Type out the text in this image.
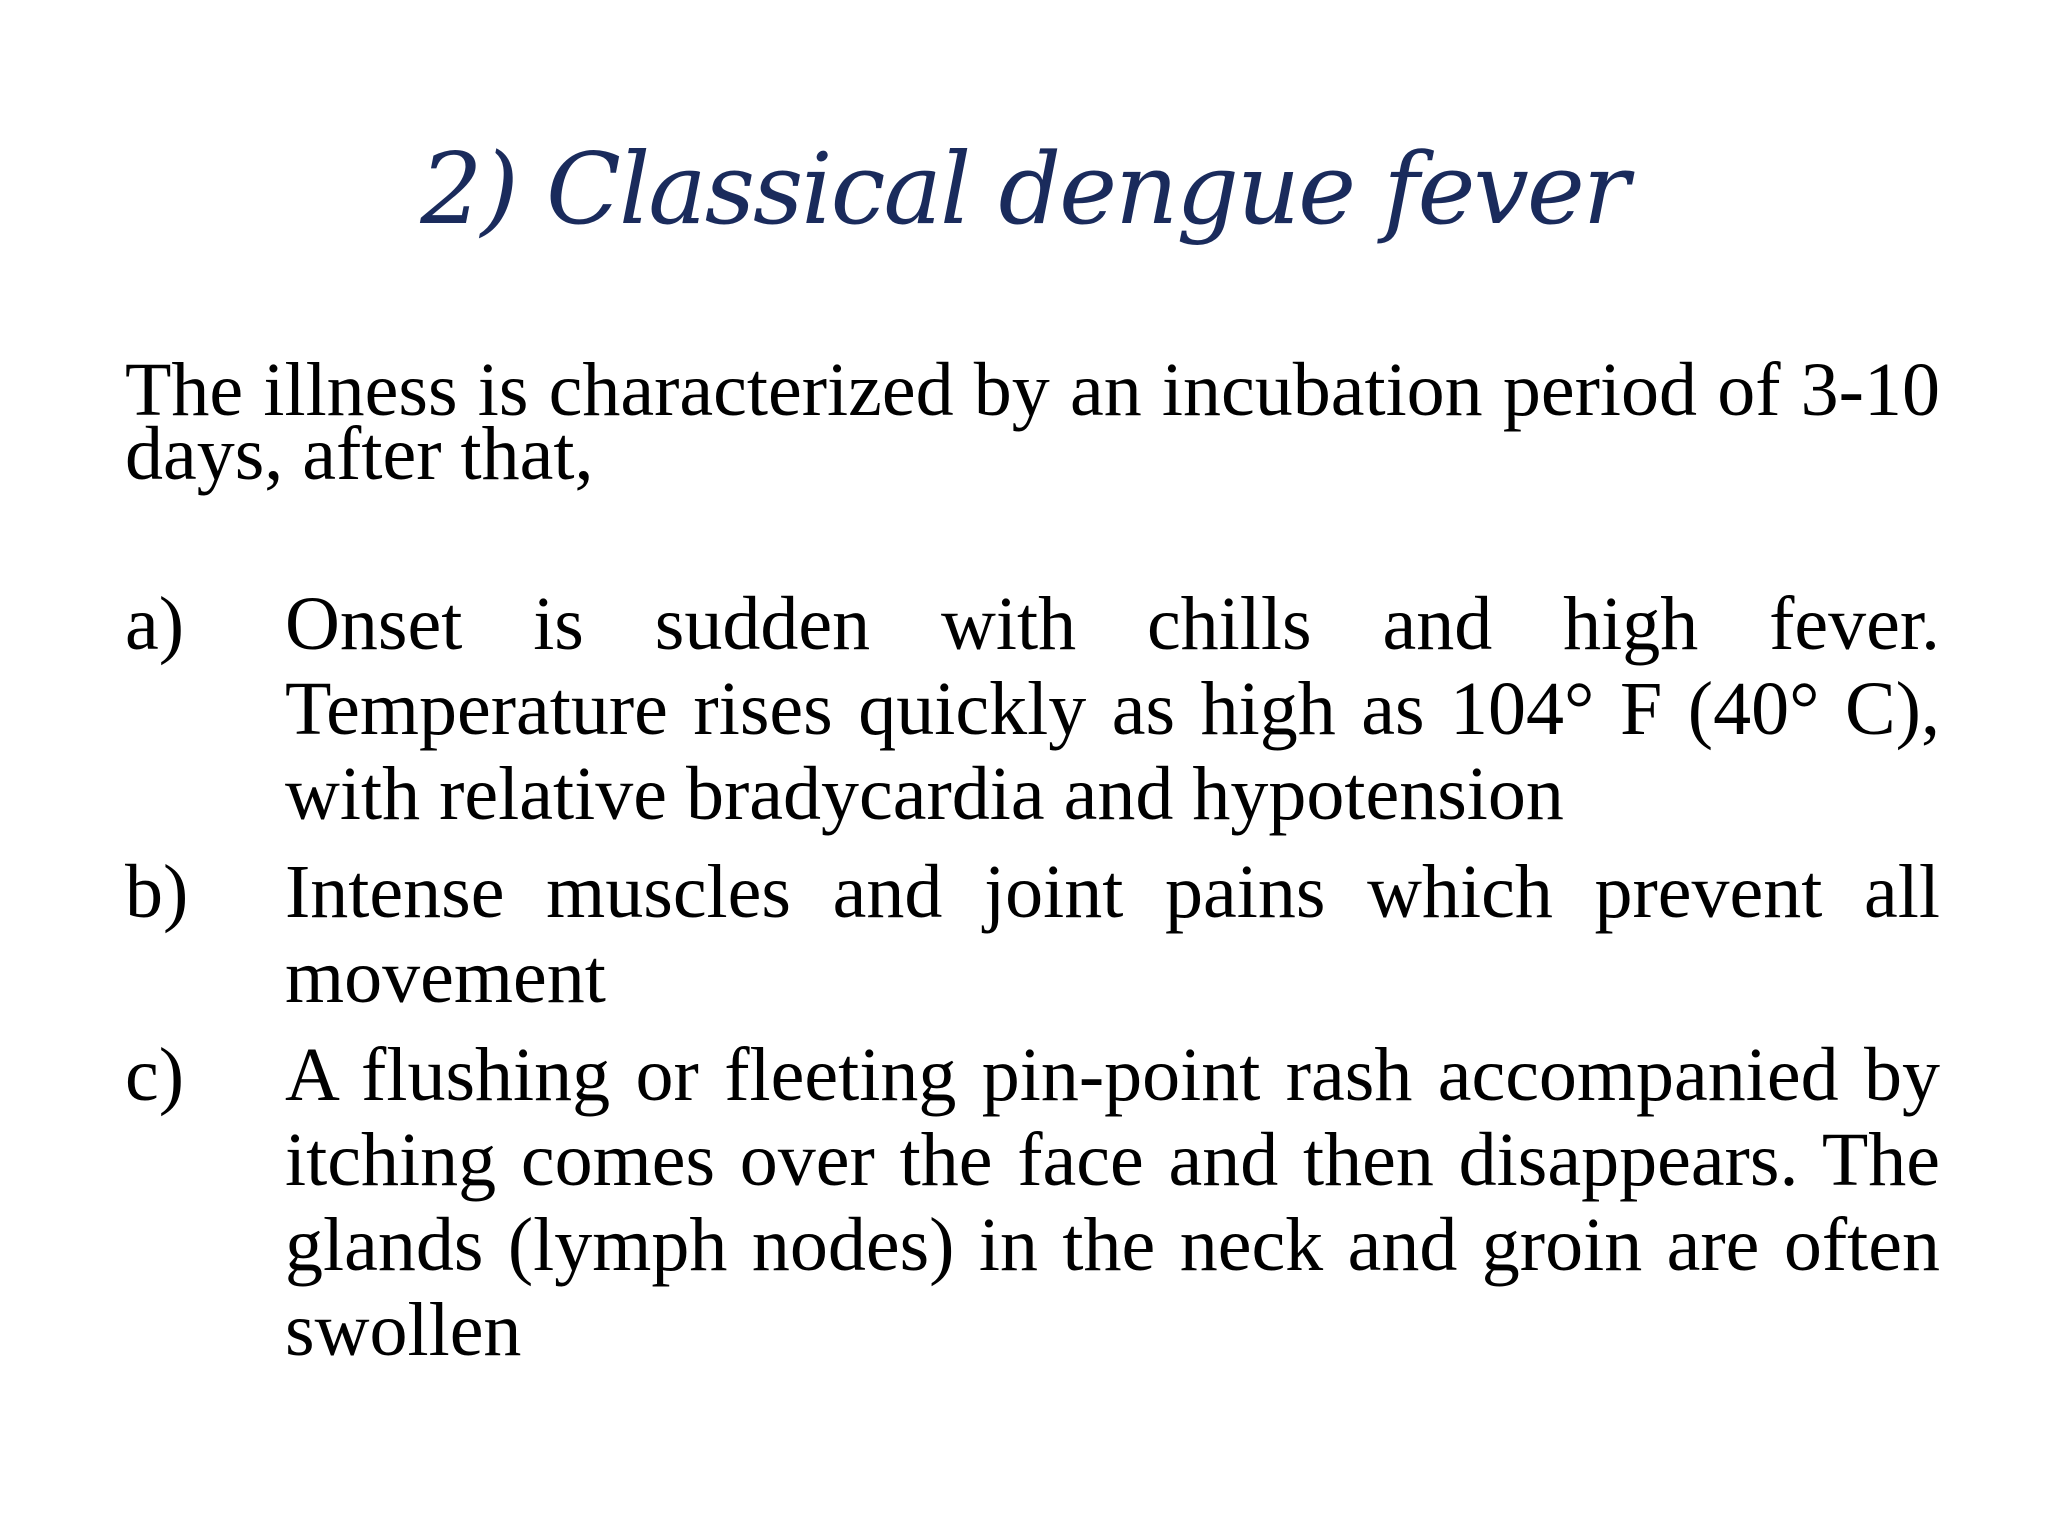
2) Classical dengue fever

The illness is characterized by an incubation period of 3-10 days, after that,

a)	Onset is sudden with chills and high fever. Temperature rises quickly as high as 104° F (40° C), with relative bradycardia and hypotension
b)	Intense muscles and joint pains which prevent all movement
c)	A flushing or fleeting pin-point rash accompanied by itching comes over the face and then disappears. The glands (lymph nodes) in the neck and groin are often swollen
